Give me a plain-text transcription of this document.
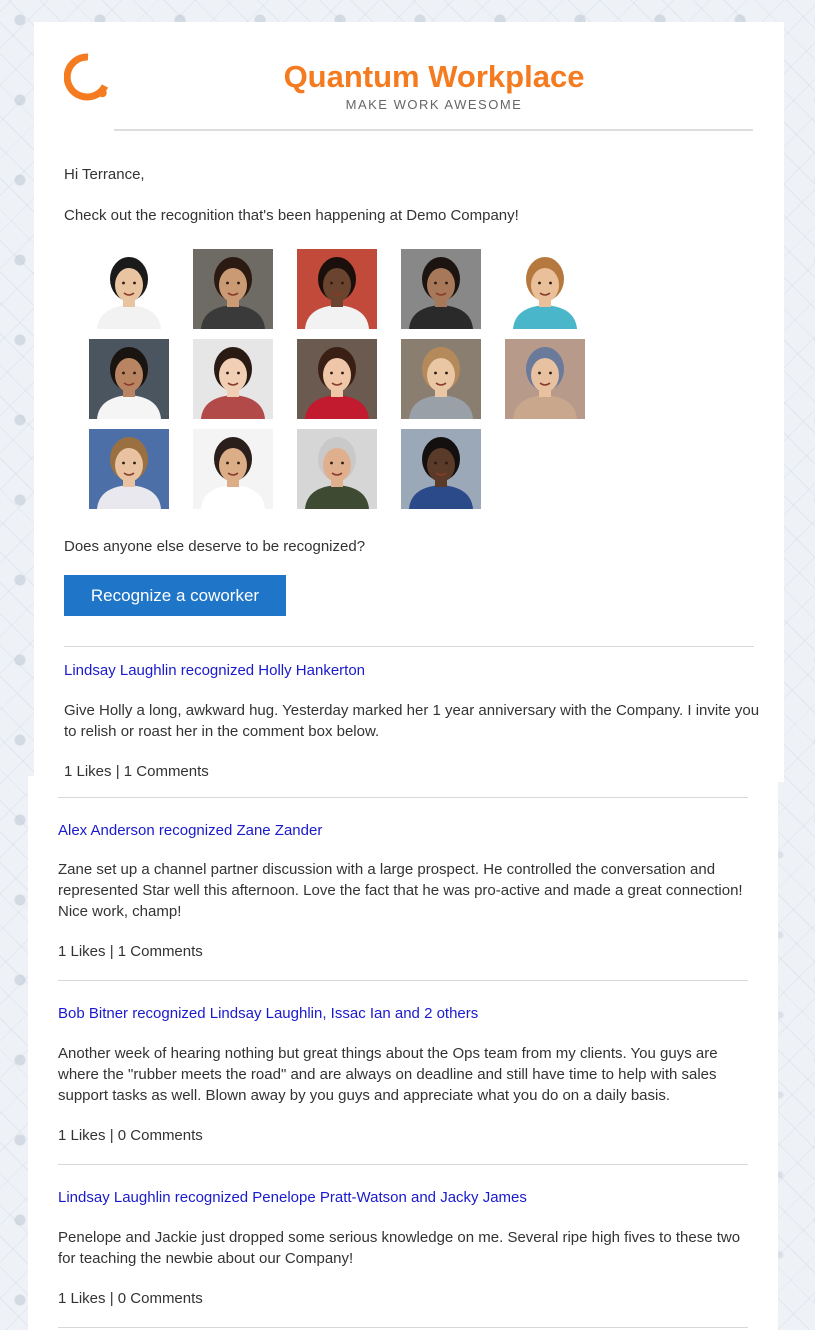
Quantum Workplace
MAKE WORK AWESOME
Hi Terrance,
Check out the recognition that's been happening at Demo Company!
Does anyone else deserve to be recognized?
Recognize a coworker
Lindsay Laughlin recognized Holly Hankerton
Give Holly a long, awkward hug. Yesterday marked her 1 year anniversary with the Company. I invite you to relish or roast her in the comment box below.
1 Likes | 1 Comments
Alex Anderson recognized Zane Zander
Zane set up a channel partner discussion with a large prospect. He controlled the conversation and represented Star well this afternoon. Love the fact that he was pro-active and made a great connection! Nice work, champ!
1 Likes | 1 Comments
Bob Bitner recognized Lindsay Laughlin, Issac Ian and 2 others
Another week of hearing nothing but great things about the Ops team from my clients. You guys are where the "rubber meets the road" and are always on deadline and still have time to help with sales support tasks as well. Blown away by you guys and appreciate what you do on a daily basis.
1 Likes | 0 Comments
Lindsay Laughlin recognized Penelope Pratt-Watson and Jacky James
Penelope and Jackie just dropped some serious knowledge on me. Several ripe high fives to these two for teaching the newbie about our Company!
1 Likes | 0 Comments
